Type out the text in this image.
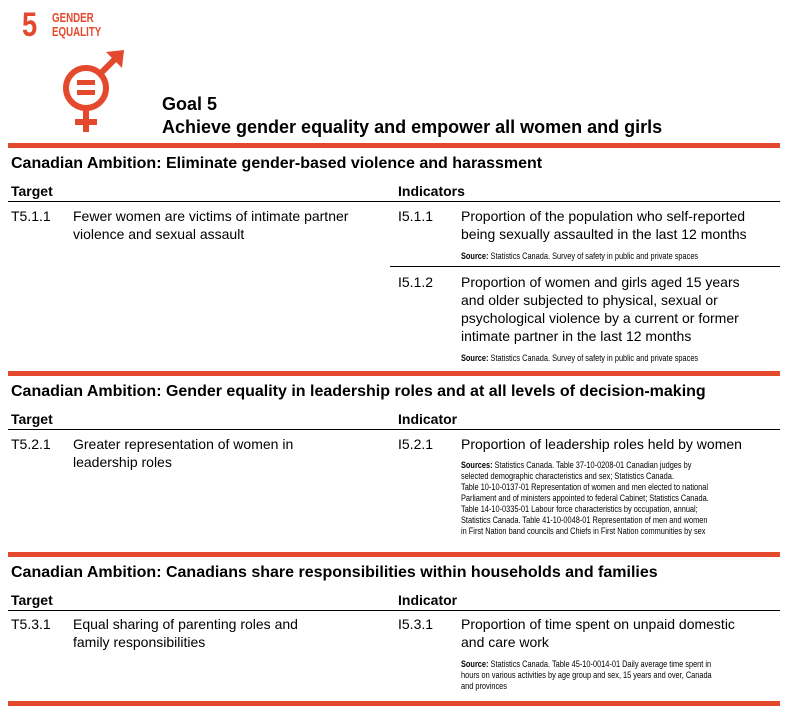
5 GENDER
EQUALITY
Goal 5
Achieve gender equality and empower all women and girls
Canadian Ambition: Eliminate gender-based violence and harassment
Target	Indicators
T5.1.1 Fewer women are victims of intimate partner
violence and sexual assault
I5.1.1 Proportion of the population who self-reported
being sexually assaulted in the last 12 months
Source: Statistics Canada. Survey of safety in public and private spaces
I5.1.2 Proportion of women and girls aged 15 years
and older subjected to physical, sexual or
psychological violence by a current or former
intimate partner in the last 12 months
Source: Statistics Canada. Survey of safety in public and private spaces
Canadian Ambition: Gender equality in leadership roles and at all levels of decision-making
Target	Indicator
T5.2.1 Greater representation of women in
leadership roles
I5.2.1 Proportion of leadership roles held by women
Sources: Statistics Canada. Table 37-10-0208-01 Canadian judges by
selected demographic characteristics and sex; Statistics Canada.
Table 10-10-0137-01 Representation of women and men elected to national
Parliament and of ministers appointed to federal Cabinet; Statistics Canada.
Table 14-10-0335-01 Labour force characteristics by occupation, annual;
Statistics Canada. Table 41-10-0048-01 Representation of men and women
in First Nation band councils and Chiefs in First Nation communities by sex
Canadian Ambition: Canadians share responsibilities within households and families
Target	Indicator
T5.3.1 Equal sharing of parenting roles and
family responsibilities
I5.3.1 Proportion of time spent on unpaid domestic
and care work
Source: Statistics Canada. Table 45-10-0014-01 Daily average time spent in
hours on various activities by age group and sex, 15 years and over, Canada
and provinces
